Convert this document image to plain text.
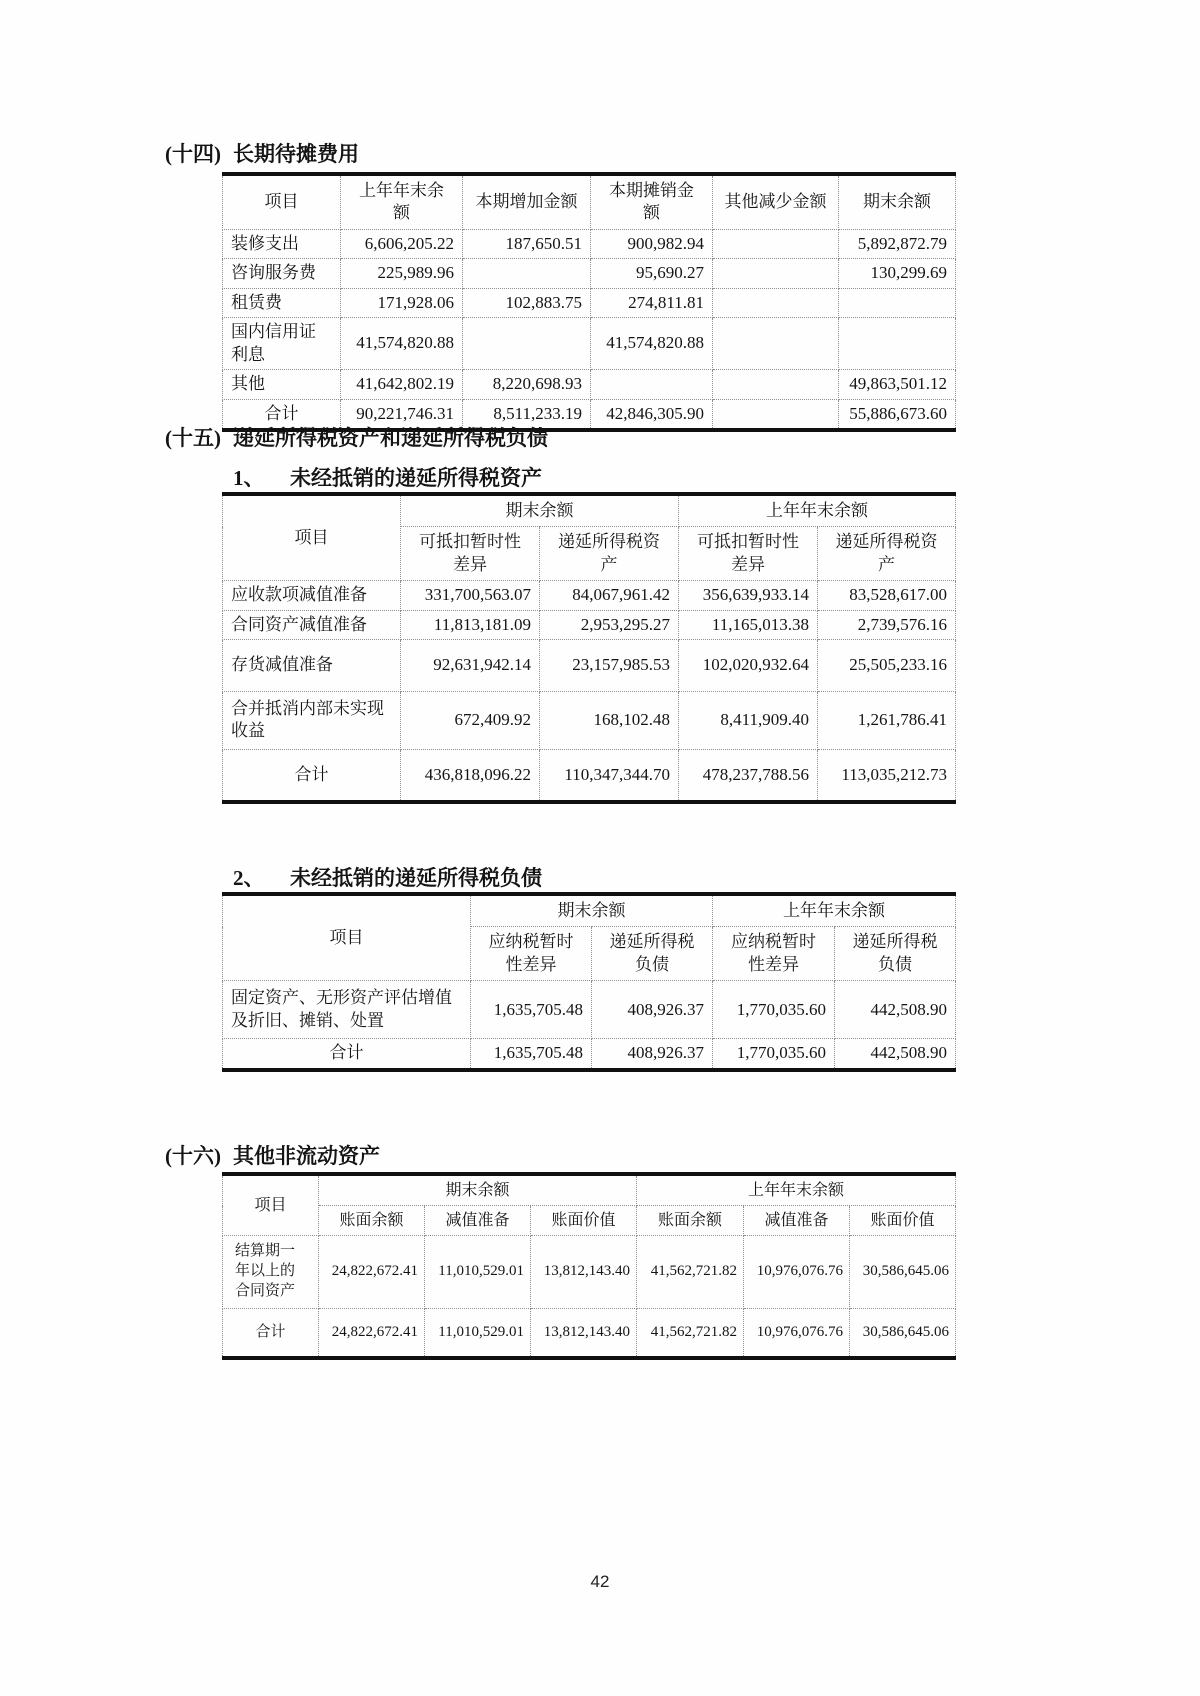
(十四) 长期待摊费用
项目	上年年末余额	本期增加金额	本期摊销金额	其他减少金额	期末余额
装修支出	6,606,205.22	187,650.51	900,982.94		5,892,872.79
咨询服务费	225,989.96		95,690.27		130,299.69
租赁费	171,928.06	102,883.75	274,811.81		
国内信用证利息	41,574,820.88		41,574,820.88		
其他	41,642,802.19	8,220,698.93			49,863,501.12
合计	90,221,746.31	8,511,233.19	42,846,305.90		55,886,673.60
(十五) 递延所得税资产和递延所得税负债
1、 未经抵销的递延所得税资产
项目	期末余额		上年年末余额	
	可抵扣暂时性差异	递延所得税资产	可抵扣暂时性差异	递延所得税资产
应收款项减值准备	331,700,563.07	84,067,961.42	356,639,933.14	83,528,617.00
合同资产减值准备	11,813,181.09	2,953,295.27	11,165,013.38	2,739,576.16
存货减值准备	92,631,942.14	23,157,985.53	102,020,932.64	25,505,233.16
合并抵消内部未实现收益	672,409.92	168,102.48	8,411,909.40	1,261,786.41
合计	436,818,096.22	110,347,344.70	478,237,788.56	113,035,212.73
2、 未经抵销的递延所得税负债
项目	期末余额		上年年末余额	
	应纳税暂时性差异	递延所得税负债	应纳税暂时性差异	递延所得税负债
固定资产、无形资产评估增值及折旧、摊销、处置	1,635,705.48	408,926.37	1,770,035.60	442,508.90
合计	1,635,705.48	408,926.37	1,770,035.60	442,508.90
(十六) 其他非流动资产
项目	期末余额			上年年末余额		
	账面余额	减值准备	账面价值	账面余额	减值准备	账面价值
结算期一年以上的合同资产	24,822,672.41	11,010,529.01	13,812,143.40	41,562,721.82	10,976,076.76	30,586,645.06
合计	24,822,672.41	11,010,529.01	13,812,143.40	41,562,721.82	10,976,076.76	30,586,645.06
42
